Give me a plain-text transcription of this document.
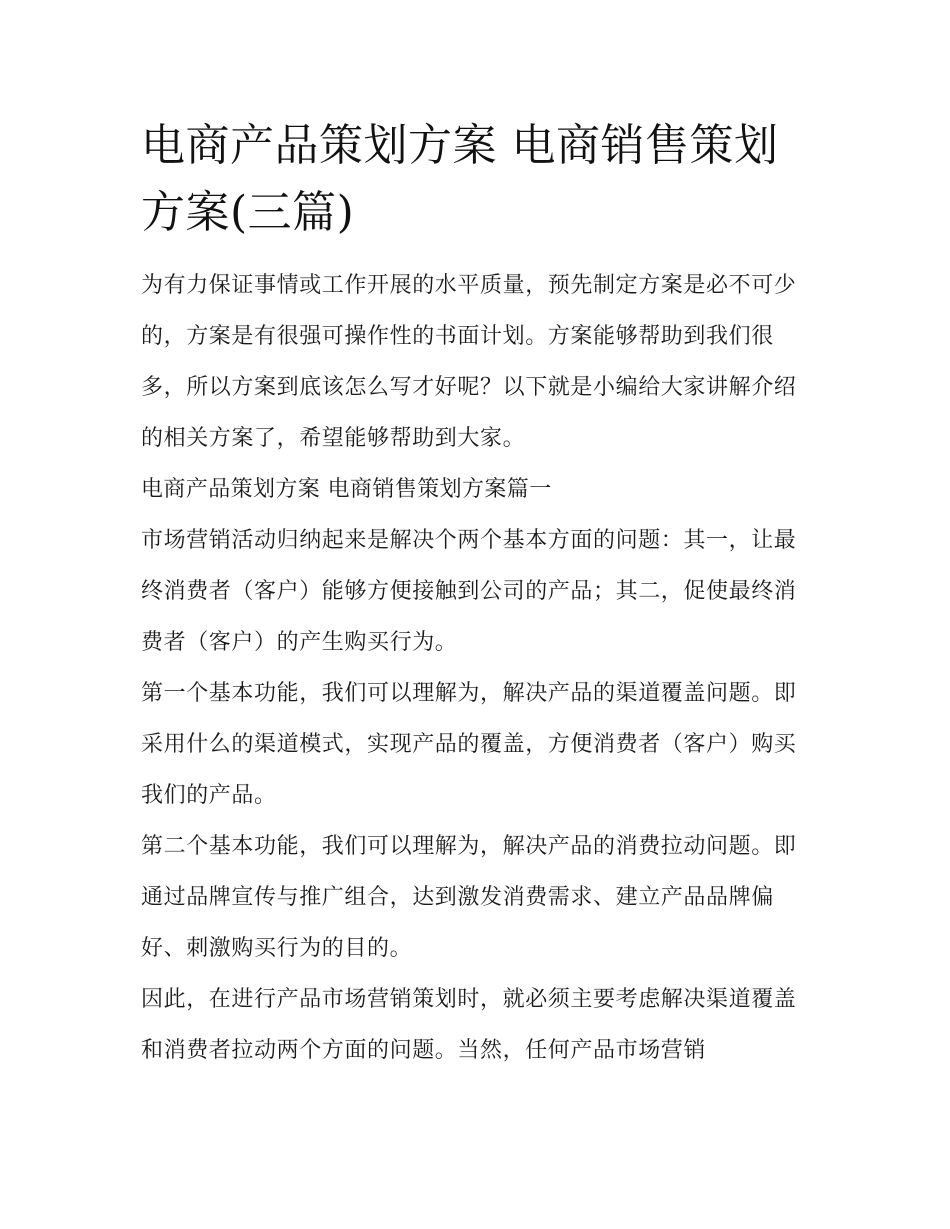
电商产品策划方案 电商销售策划方案(三篇)

为有力保证事情或工作开展的水平质量，预先制定方案是必不可少的，方案是有很强可操作性的书面计划。方案能够帮助到我们很多，所以方案到底该怎么写才好呢？以下就是小编给大家讲解介绍的相关方案了，希望能够帮助到大家。

电商产品策划方案 电商销售策划方案篇一

市场营销活动归纳起来是解决个两个基本方面的问题：其一，让最终消费者（客户）能够方便接触到公司的产品；其二，促使最终消费者（客户）的产生购买行为。

第一个基本功能，我们可以理解为，解决产品的渠道覆盖问题。即采用什么的渠道模式，实现产品的覆盖，方便消费者（客户）购买我们的产品。

第二个基本功能，我们可以理解为，解决产品的消费拉动问题。即通过品牌宣传与推广组合，达到激发消费需求、建立产品品牌偏好、刺激购买行为的目的。

因此，在进行产品市场营销策划时，就必须主要考虑解决渠道覆盖和消费者拉动两个方面的问题。当然，任何产品市场营销
